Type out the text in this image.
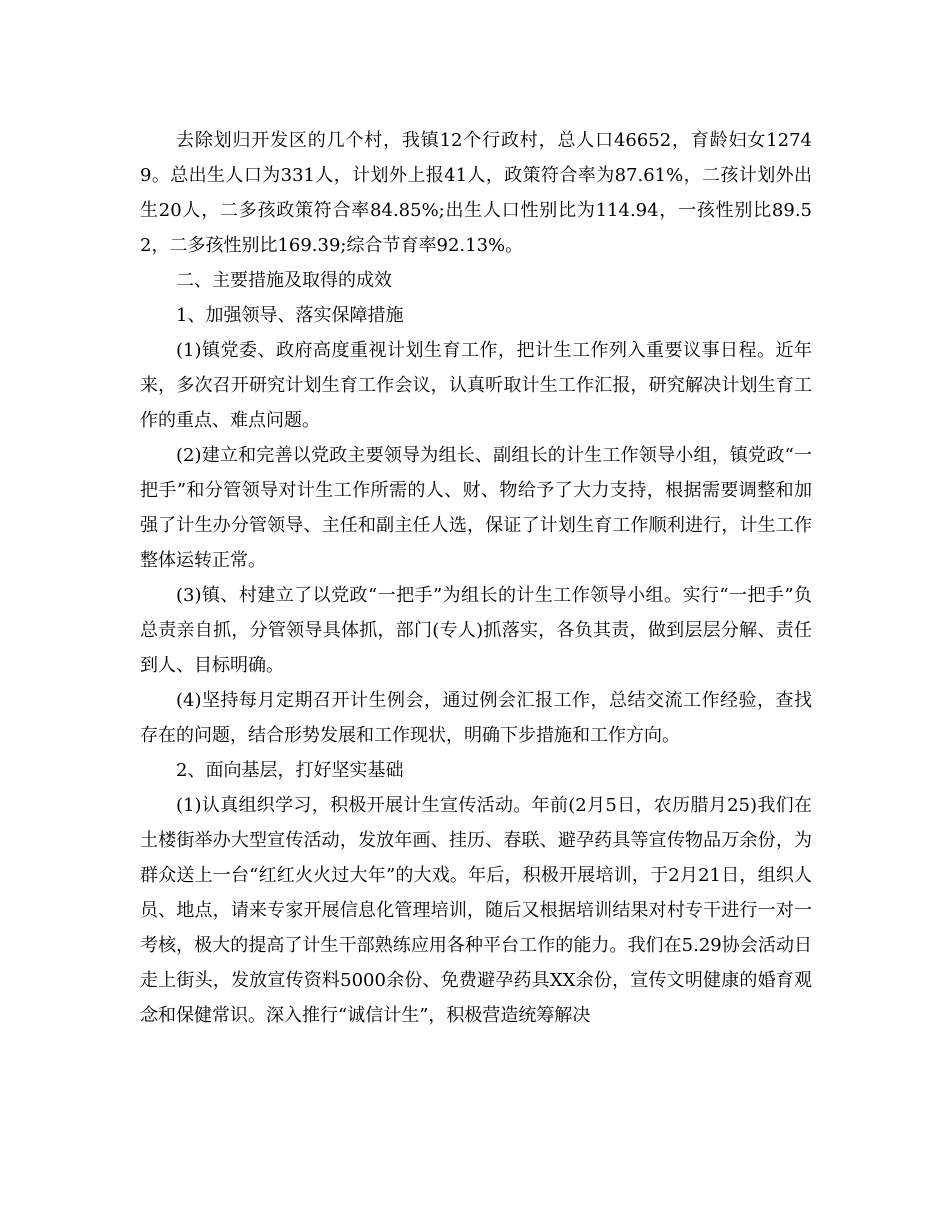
去除划归开发区的几个村，我镇12个行政村，总人口46652，育龄妇女12749。总出生人口为331人，计划外上报41人，政策符合率为87.61%，二孩计划外出生20人，二多孩政策符合率84.85%;出生人口性别比为114.94，一孩性别比89.52，二多孩性别比169.39;综合节育率92.13%。

二、主要措施及取得的成效

1、加强领导、落实保障措施

(1)镇党委、政府高度重视计划生育工作，把计生工作列入重要议事日程。近年来，多次召开研究计划生育工作会议，认真听取计生工作汇报，研究解决计划生育工作的重点、难点问题。

(2)建立和完善以党政主要领导为组长、副组长的计生工作领导小组，镇党政“一把手”和分管领导对计生工作所需的人、财、物给予了大力支持，根据需要调整和加强了计生办分管领导、主任和副主任人选，保证了计划生育工作顺利进行，计生工作整体运转正常。

(3)镇、村建立了以党政“一把手”为组长的计生工作领导小组。实行“一把手”负总责亲自抓，分管领导具体抓，部门(专人)抓落实，各负其责，做到层层分解、责任到人、目标明确。

(4)坚持每月定期召开计生例会，通过例会汇报工作，总结交流工作经验，查找存在的问题，结合形势发展和工作现状，明确下步措施和工作方向。

2、面向基层，打好坚实基础

(1)认真组织学习，积极开展计生宣传活动。年前(2月5日，农历腊月25)我们在土楼街举办大型宣传活动，发放年画、挂历、春联、避孕药具等宣传物品万余份，为群众送上一台“红红火火过大年”的大戏。年后，积极开展培训，于2月21日，组织人员、地点，请来专家开展信息化管理培训，随后又根据培训结果对村专干进行一对一考核，极大的提高了计生干部熟练应用各种平台工作的能力。我们在5.29协会活动日走上街头，发放宣传资料5000余份、免费避孕药具XX余份，宣传文明健康的婚育观念和保健常识。深入推行“诚信计生”，积极营造统筹解决
